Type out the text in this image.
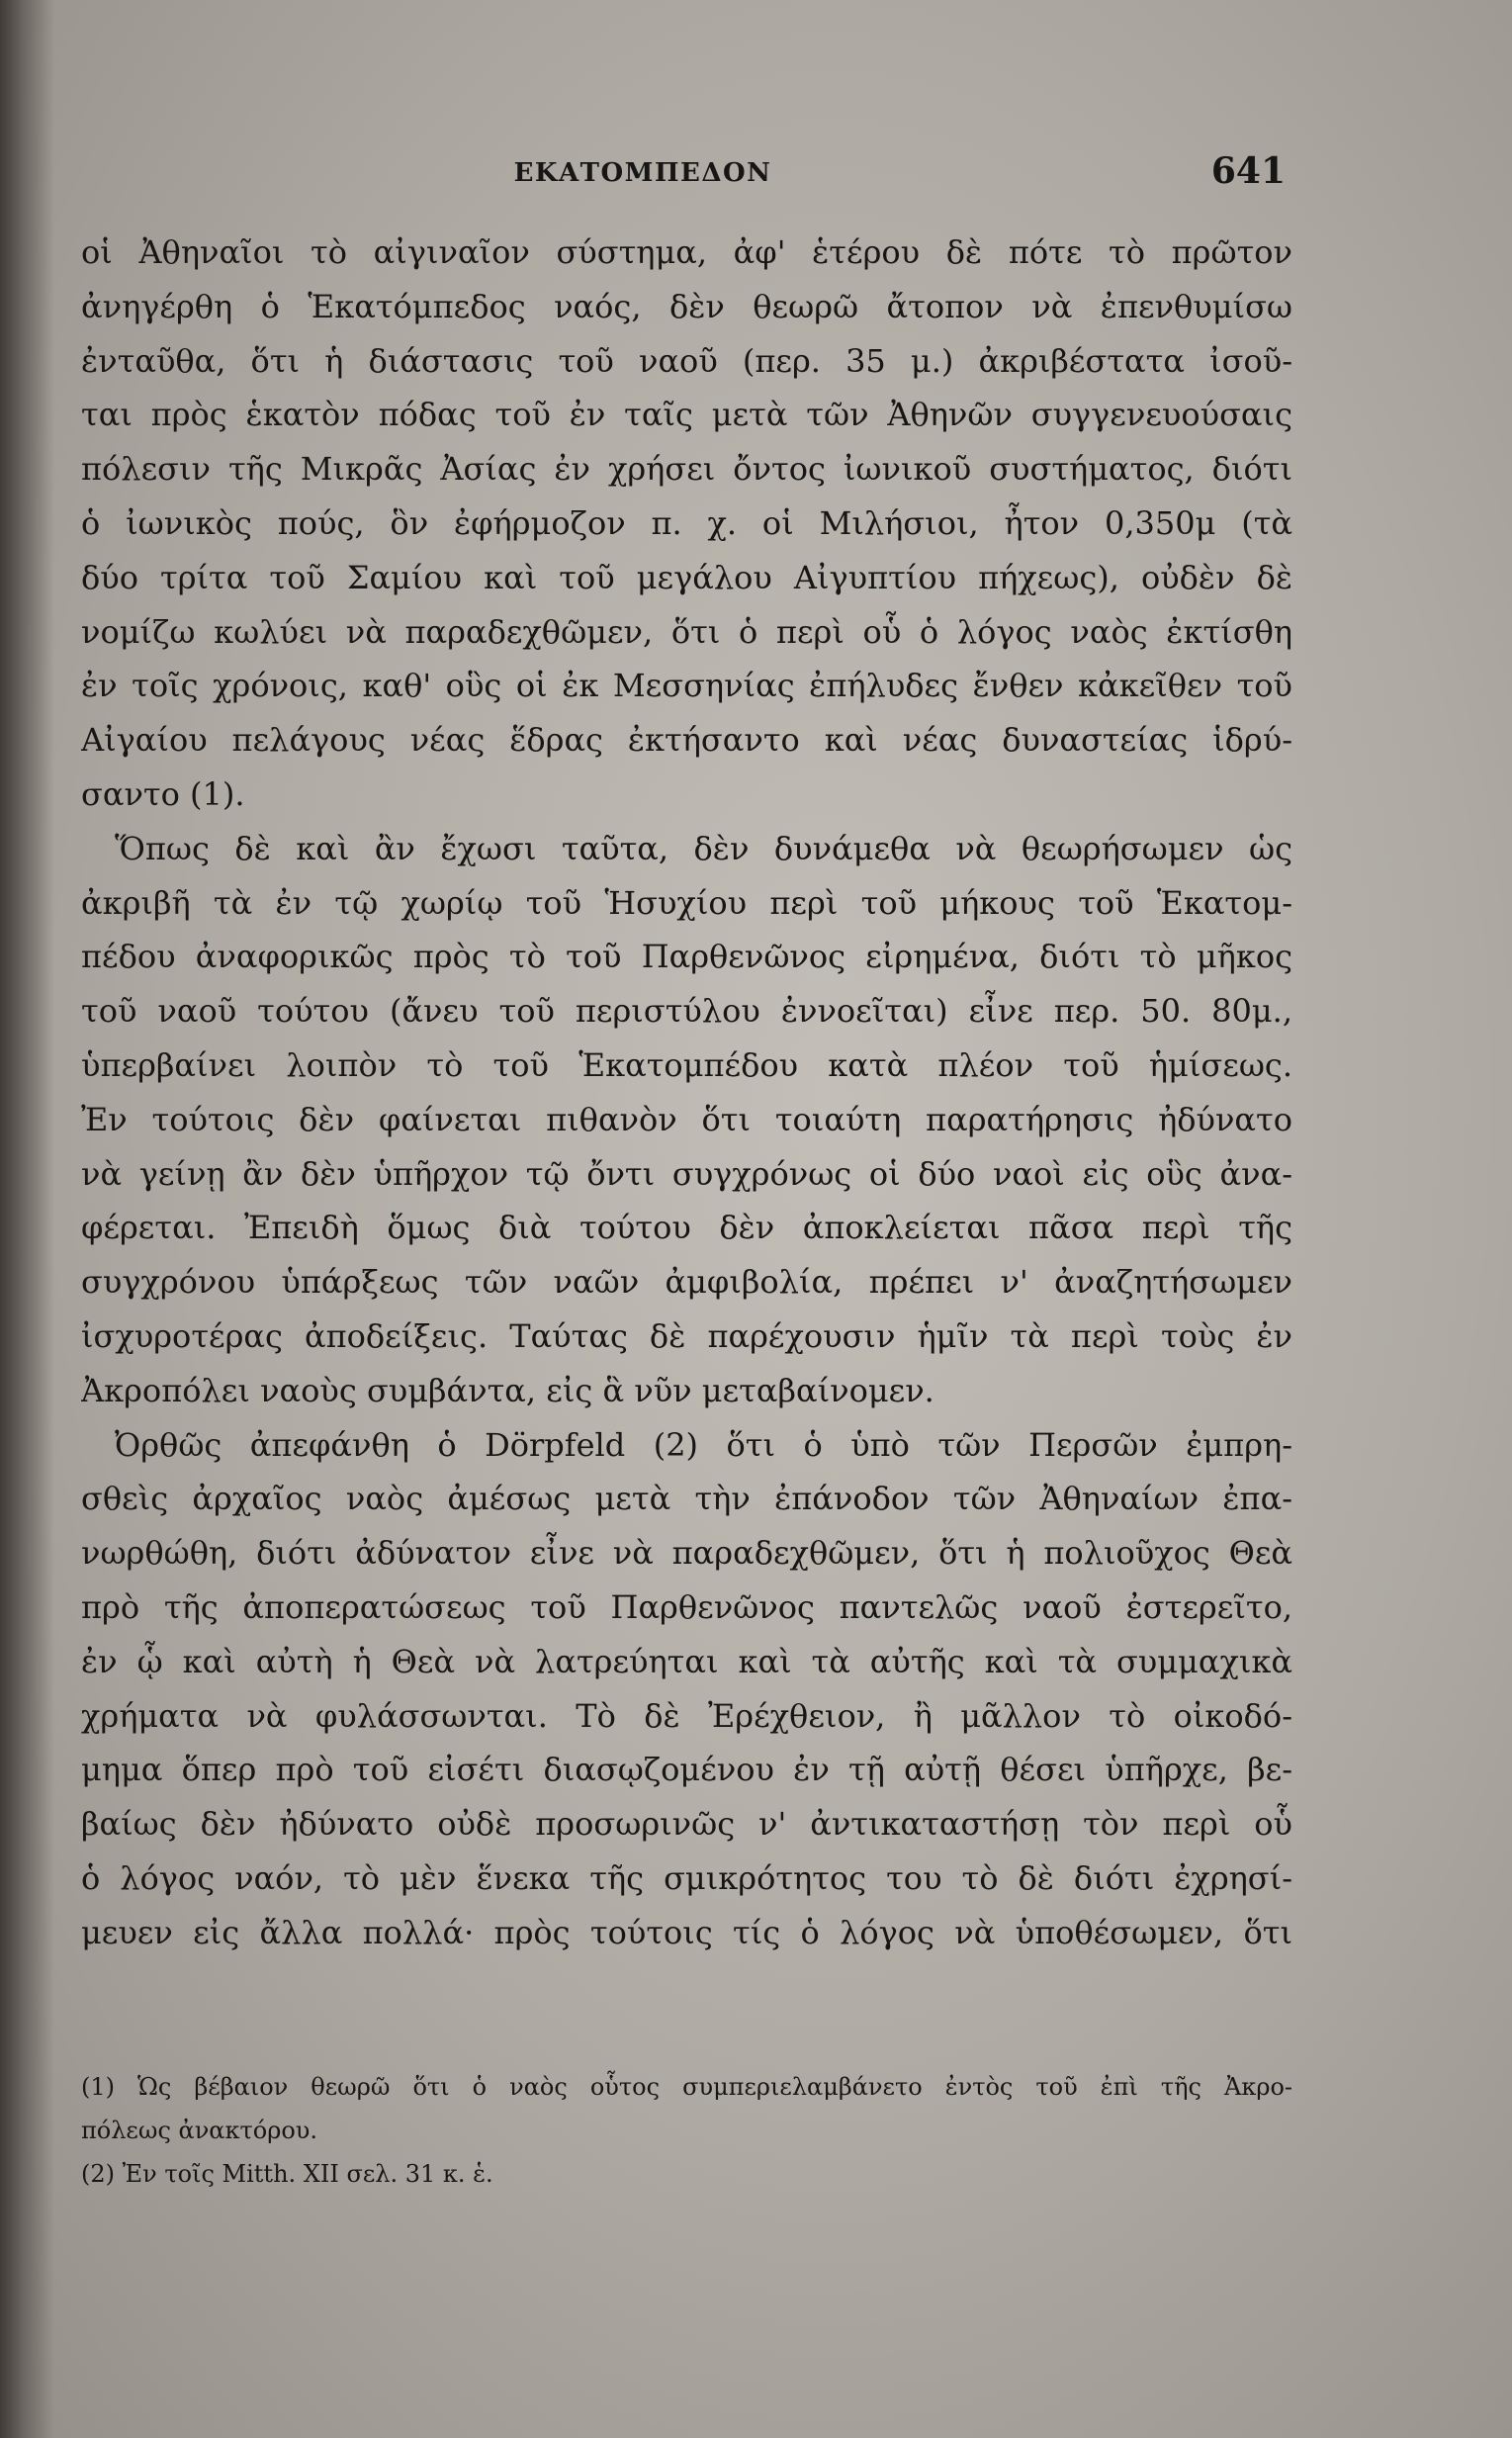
ΕΚΑΤΟΜΠΕΔΟΝ	641
οἱ Ἀθηναῖοι τὸ αἰγιναῖον σύστημα, ἀφ' ἑτέρου δὲ πότε τὸ πρῶτον
ἀνηγέρθη ὁ Ἑκατόμπεδος ναός, δὲν θεωρῶ ἄτοπον νὰ ἐπενθυμίσω
ἐνταῦθα, ὅτι ἡ διάστασις τοῦ ναοῦ (περ. 35 μ.) ἀκριβέστατα ἰσοῦ-
ται πρὸς ἑκατὸν πόδας τοῦ ἐν ταῖς μετὰ τῶν Ἀθηνῶν συγγενευούσαις
πόλεσιν τῆς Μικρᾶς Ἀσίας ἐν χρήσει ὄντος ἰωνικοῦ συστήματος, διότι
ὁ ἰωνικὸς πούς, ὃν ἐφήρμοζον π. χ. οἱ Μιλήσιοι, ἦτον 0,350μ (τὰ
δύο τρίτα τοῦ Σαμίου καὶ τοῦ μεγάλου Αἰγυπτίου πήχεως), οὐδὲν δὲ
νομίζω κωλύει νὰ παραδεχθῶμεν, ὅτι ὁ περὶ οὗ ὁ λόγος ναὸς ἐκτίσθη
ἐν τοῖς χρόνοις, καθ' οὓς οἱ ἐκ Μεσσηνίας ἐπήλυδες ἔνθεν κἀκεῖθεν τοῦ
Αἰγαίου πελάγους νέας ἕδρας ἐκτήσαντο καὶ νέας δυναστείας ἱδρύ-
σαντο (1).
Ὅπως δὲ καὶ ἂν ἔχωσι ταῦτα, δὲν δυνάμεθα νὰ θεωρήσωμεν ὡς
ἀκριβῆ τὰ ἐν τῷ χωρίῳ τοῦ Ἡσυχίου περὶ τοῦ μήκους τοῦ Ἑκατομ-
πέδου ἀναφορικῶς πρὸς τὸ τοῦ Παρθενῶνος εἰρημένα, διότι τὸ μῆκος
τοῦ ναοῦ τούτου (ἄνευ τοῦ περιστύλου ἐννοεῖται) εἶνε περ. 50. 80μ.,
ὑπερβαίνει λοιπὸν τὸ τοῦ Ἑκατομπέδου κατὰ πλέον τοῦ ἡμίσεως.
Ἐν τούτοις δὲν φαίνεται πιθανὸν ὅτι τοιαύτη παρατήρησις ἠδύνατο
νὰ γείνῃ ἂν δὲν ὑπῆρχον τῷ ὄντι συγχρόνως οἱ δύο ναοὶ εἰς οὓς ἀνα-
φέρεται. Ἐπειδὴ ὅμως διὰ τούτου δὲν ἀποκλείεται πᾶσα περὶ τῆς
συγχρόνου ὑπάρξεως τῶν ναῶν ἀμφιβολία, πρέπει ν' ἀναζητήσωμεν
ἰσχυροτέρας ἀποδείξεις. Ταύτας δὲ παρέχουσιν ἡμῖν τὰ περὶ τοὺς ἐν
Ἀκροπόλει ναοὺς συμβάντα, εἰς ἃ νῦν μεταβαίνομεν.
Ὀρθῶς ἀπεφάνθη ὁ Dörpfeld (2) ὅτι ὁ ὑπὸ τῶν Περσῶν ἐμπρη-
σθεὶς ἀρχαῖος ναὸς ἀμέσως μετὰ τὴν ἐπάνοδον τῶν Ἀθηναίων ἐπα-
νωρθώθη, διότι ἀδύνατον εἶνε νὰ παραδεχθῶμεν, ὅτι ἡ πολιοῦχος Θεὰ
πρὸ τῆς ἀποπερατώσεως τοῦ Παρθενῶνος παντελῶς ναοῦ ἐστερεῖτο,
ἐν ᾧ καὶ αὐτὴ ἡ Θεὰ νὰ λατρεύηται καὶ τὰ αὐτῆς καὶ τὰ συμμαχικὰ
χρήματα νὰ φυλάσσωνται. Τὸ δὲ Ἐρέχθειον, ἢ μᾶλλον τὸ οἰκοδό-
μημα ὅπερ πρὸ τοῦ εἰσέτι διασῳζομένου ἐν τῇ αὐτῇ θέσει ὑπῆρχε, βε-
βαίως δὲν ἠδύνατο οὐδὲ προσωρινῶς ν' ἀντικαταστήσῃ τὸν περὶ οὗ
ὁ λόγος ναόν, τὸ μὲν ἕνεκα τῆς σμικρότητος του τὸ δὲ διότι ἐχρησί-
μευεν εἰς ἄλλα πολλά· πρὸς τούτοις τίς ὁ λόγος νὰ ὑποθέσωμεν, ὅτι
(1) Ὡς βέβαιον θεωρῶ ὅτι ὁ ναὸς οὗτος συμπεριελαμβάνετο ἐντὸς τοῦ ἐπὶ τῆς Ἀκρο-
πόλεως ἀνακτόρου.
(2) Ἐν τοῖς Mitth. XII σελ. 31 κ. ἑ.
